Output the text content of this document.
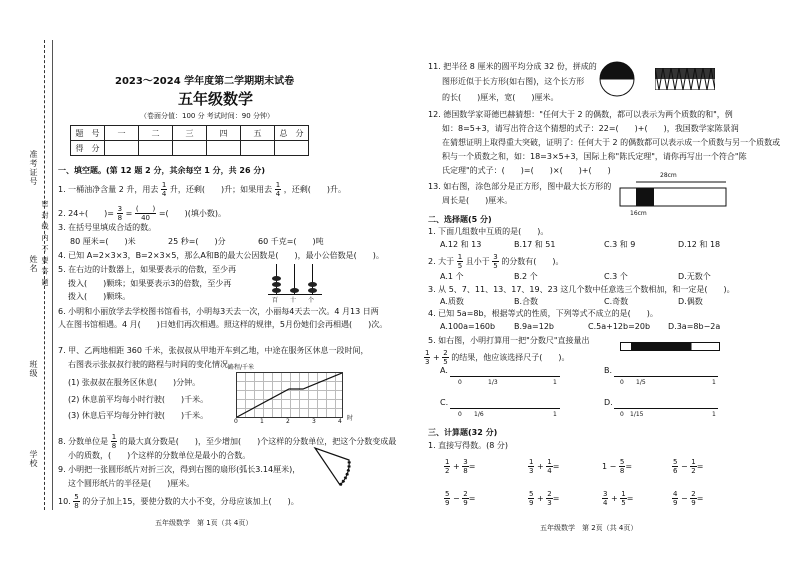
准考证号
姓名 密 封 线 内 不 要 答 题
班级
学校
2023～2024 学年度第二学期期末试卷
五年级数学
（卷面分值：100 分 考试时间：90 分钟）
题　号	一	二	三	四	五	总　分
得　分						
一、填空题。(第 12 题 2 分，其余每空 1 分，共 26 分)
1. 一桶油净含量 2 升，用去 $\frac{1}{4}$ 升，还剩(　　)升；如果用去 $\frac{1}{4}$ ，还剩(　　)升。
2. 24÷(　　)= $\frac{3}{8} = \frac{( )}{40}$ =(　　)(填小数)。
3. 在括号里填成合适的数。
80 厘米=(　　)米	25 秒=(　　)分	60 千克=(　　)吨
4. 已知 A=2×3×3，B=2×3×5，那么A和B的最大公因数是(　　)，最小公倍数是(　　)。
5. 在右边的计数器上，如果要表示的倍数，至少再
拨入(　　)颗珠；如果要表示3的倍数，至少再
拨入(　　)颗珠。	百 十 个
6. 小明和小丽放学去学校图书馆看书，小明每3天去一次，小丽每4天去一次。4 月13 日两
人在图书馆相遇。4 月(　　)日她们再次相遇。照这样的规律，5月份她们会再相遇(　　)次。
7. 甲、乙两地相距 360 千米，张叔叔从甲地开车到乙地，中途在服务区休息一段时间，
右图表示张叔叔行驶的路程与时间的变化情况。
(1) 张叔叔在服务区休息(　　)分钟。
(2) 休息前平均每小时行驶(　　)千米。
(3) 休息后平均每分钟行驶(　　)千米。
路程/千米
0	1	2	3	4 时
8. 分数单位是 $\frac{1}{8}$ 的最大真分数是(　　)，至少增加(　　)个这样的分数单位，把这个分数变成最
小的质数，(　　)个这样的分数单位是最小的合数。
9. 小明把一张圆形纸片对折三次，得到右图的扇形(弧长3.14厘米)，
这个圆形纸片的半径是(　　)厘米。
10. $\frac{5}{8}$ 的分子加上15，要使分数的大小不变，分母应该加上(　　)。
五年级数学　第 1页（共 4页）
11. 把半径 8 厘米的圆平均分成 32 份，拼成的
图形近似于长方形(如右图)，这个长方形
的长(　　)厘米，宽(　　)厘米。
12. 德国数学家哥德巴赫猜想："任何大于 2 的偶数，都可以表示为两个质数的和"，例
如：8=5+3，请写出符合这个猜想的式子：22=(　　)+(　　)，我国数学家陈景润
在猜想证明上取得重大突破，证明了：任何大于 2 的偶数都可以表示成一个质数与另一个质数或
积与一个质数之和，如：18=3×5+3，国际上称"陈氏定理"，请你再写出一个符合"陈
氏定理"的式子：(　　)=(　　)×(　　)+(　　)
13. 如右图，涂色部分是正方形，图中最大长方形的
周长是(　　)厘米。
28cm
16cm
二、选择题(5 分)
1. 下面几组数中互质的是(　　)。
A.12 和 13	B.17 和 51	C.3 和 9	D.12 和 18
2. 大于 $\frac{1}{5}$ 且小于 $\frac{3}{5}$ 的分数有(　　)。
A.1 个	B.2 个	C.3 个	D.无数个
3. 从 5、7、11、13、17、19、23 这几个数中任意选三个数相加，和一定是(　　)。
A.质数	B.合数	C.奇数	D.偶数
4. 已知 5a=8b，根据等式的性质，下列等式不成立的是(　　)。
A.100a=160b B.9a=12b	C.5a+12b=20b D.3a=8b−2a
5. 如右图，小明打算用一把"分数尺"直接量出
$\frac{1}{3} + \frac{2}{5}$ 的结果，他应该选择尺子(　　)。
A.
0	1
1/3
B.
0	1
1/5
C.
0	1
1/6
D.
0	1
1/15
三、计算题(32 分)
1. 直接写得数。(8 分)
$\frac{1}{2} + \frac{3}{8}$ =	$\frac{1}{3} + \frac{1}{4}$ =	$1 - \frac{5}{8}$ =	$\frac{5}{6} - \frac{1}{2}$ =
$\frac{5}{9} - \frac{2}{9}$ =	$\frac{5}{9} + \frac{2}{3}$ =	$\frac{3}{4} + \frac{1}{5}$ =	$\frac{4}{9} - \frac{2}{9}$ =
五年级数学　第 2页（共 4页）
